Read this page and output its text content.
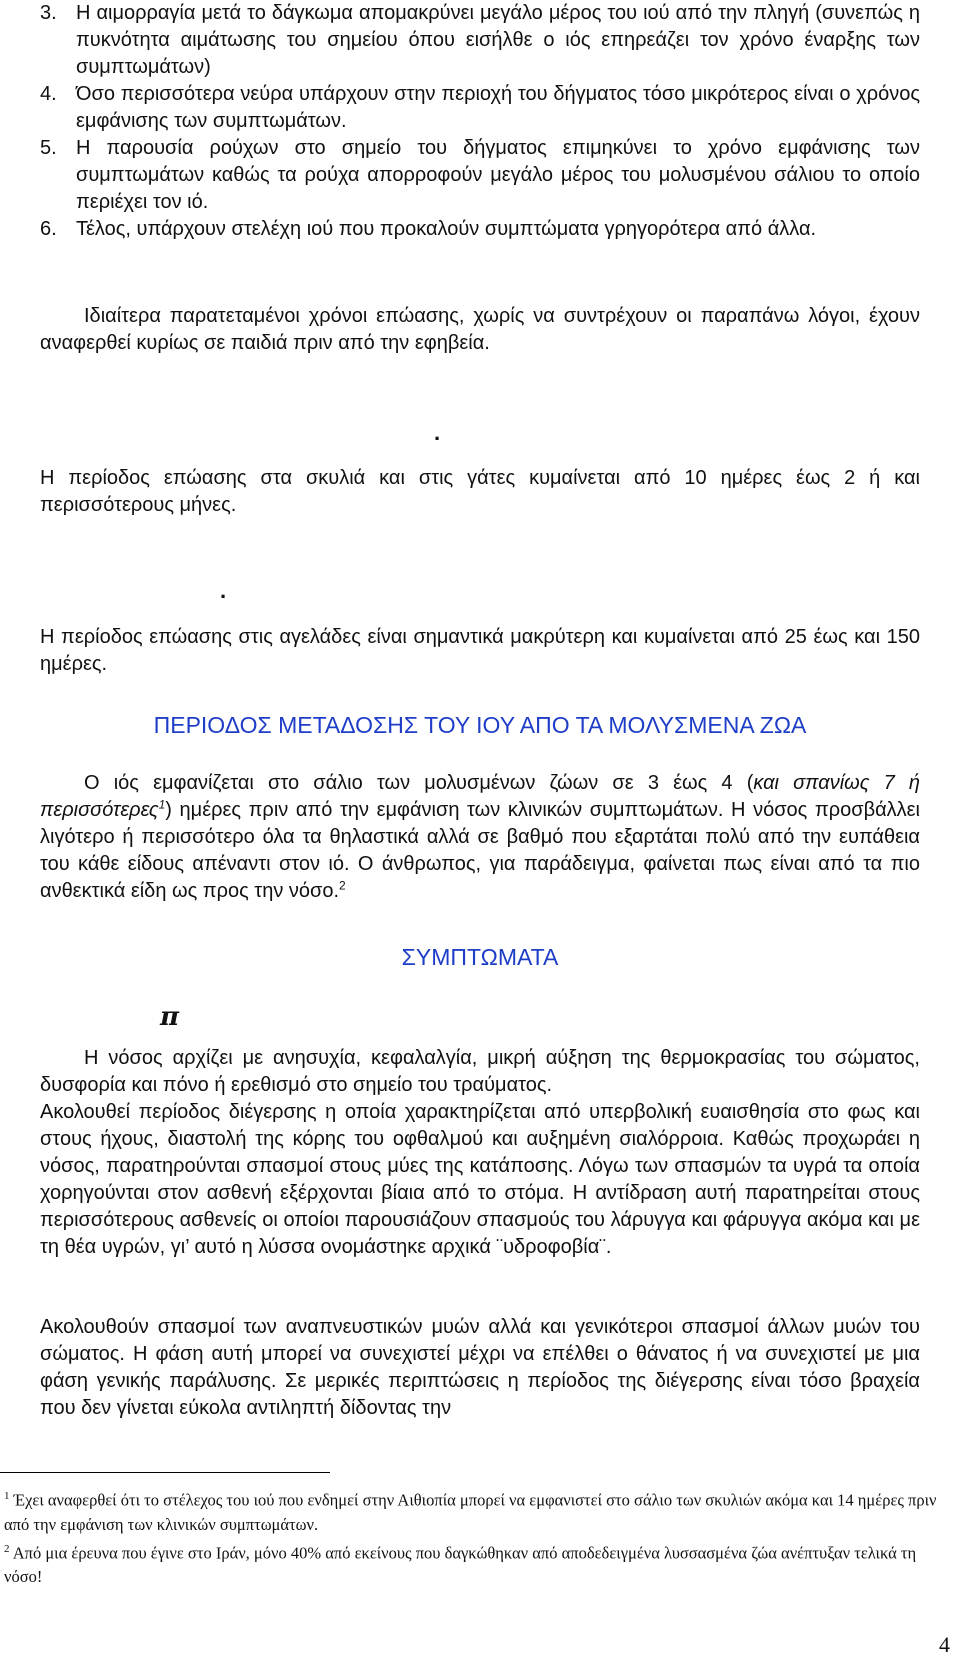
3. Η αιμορραγία μετά το δάγκωμα απομακρύνει μεγάλο μέρος του ιού από την πληγή (συνεπώς η πυκνότητα αιμάτωσης του σημείου όπου εισήλθε ο ιός επηρεάζει τον χρόνο έναρξης των συμπτωμάτων)
4. Όσο περισσότερα νεύρα υπάρχουν στην περιοχή του δήγματος τόσο μικρότερος είναι ο χρόνος εμφάνισης των συμπτωμάτων.
5. Η παρουσία ρούχων στο σημείο του δήγματος επιμηκύνει το χρόνο εμφάνισης των συμπτωμάτων καθώς τα ρούχα απορροφούν μεγάλο μέρος του μολυσμένου σάλιου το οποίο περιέχει τον ιό.
6. Τέλος, υπάρχουν στελέχη ιού που προκαλούν συμπτώματα γρηγορότερα από άλλα.

Ιδιαίτερα παρατεταμένοι χρόνοι επώασης, χωρίς να συντρέχουν οι παραπάνω λόγοι, έχουν αναφερθεί κυρίως σε παιδιά πριν από την εφηβεία.

.

Η περίοδος επώασης στα σκυλιά και στις γάτες κυμαίνεται από 10 ημέρες έως 2 ή και περισσότερους μήνες.

.

Η περίοδος επώασης στις αγελάδες είναι σημαντικά μακρύτερη και κυμαίνεται από 25 έως και 150 ημέρες.

ΠΕΡΙΟΔΟΣ ΜΕΤΑΔΟΣΗΣ ΤΟΥ ΙΟΥ ΑΠΟ ΤΑ ΜΟΛΥΣΜΕΝΑ ΖΩΑ

Ο ιός εμφανίζεται στο σάλιο των μολυσμένων ζώων σε 3 έως 4 (και σπανίως 7 ή περισσότερες$^1$) ημέρες πριν από την εμφάνιση των κλινικών συμπτωμάτων. Η νόσος προσβάλλει λιγότερο ή περισσότερο όλα τα θηλαστικά αλλά σε βαθμό που εξαρτάται πολύ από την ευπάθεια του κάθε είδους απέναντι στον ιό. Ο άνθρωπος, για παράδειγμα, φαίνεται πως είναι από τα πιο ανθεκτικά είδη ως προς την νόσο.$^2$

ΣΥΜΠΤΩΜΑΤΑ
π

Η νόσος αρχίζει με ανησυχία, κεφαλαλγία, μικρή αύξηση της θερμοκρασίας του σώματος, δυσφορία και πόνο ή ερεθισμό στο σημείο του τραύματος.

Ακολουθεί περίοδος διέγερσης η οποία χαρακτηρίζεται από υπερβολική ευαισθησία στο φως και στους ήχους, διαστολή της κόρης του οφθαλμού και αυξημένη σιαλόρροια. Καθώς προχωράει η νόσος, παρατηρούνται σπασμοί στους μύες της κατάποσης. Λόγω των σπασμών τα υγρά τα οποία χορηγούνται στον ασθενή εξέρχονται βίαια από το στόμα. Η αντίδραση αυτή παρατηρείται στους περισσότερους ασθενείς οι οποίοι παρουσιάζουν σπασμούς του λάρυγγα και φάρυγγα ακόμα και με τη θέα υγρών, γι’ αυτό η λύσσα ονομάστηκε αρχικά ¨υδροφοβία¨.

Ακολουθούν σπασμοί των αναπνευστικών μυών αλλά και γενικότεροι σπασμοί άλλων μυών του σώματος. Η φάση αυτή μπορεί να συνεχιστεί μέχρι να επέλθει ο θάνατος ή να συνεχιστεί με μια φάση γενικής παράλυσης. Σε μερικές περιπτώσεις η περίοδος της διέγερσης είναι τόσο βραχεία που δεν γίνεται εύκολα αντιληπτή δίδοντας την

$^1$ Έχει αναφερθεί ότι το στέλεχος του ιού που ενδημεί στην Αιθιοπία μπορεί να εμφανιστεί στο σάλιο των σκυλιών ακόμα και 14 ημέρες πριν από την εμφάνιση των κλινικών συμπτωμάτων.

$^2$ Από μια έρευνα που έγινε στο Ιράν, μόνο 40% από εκείνους που δαγκώθηκαν από αποδεδειγμένα λυσσασμένα ζώα ανέπτυξαν τελικά τη νόσο!

4
